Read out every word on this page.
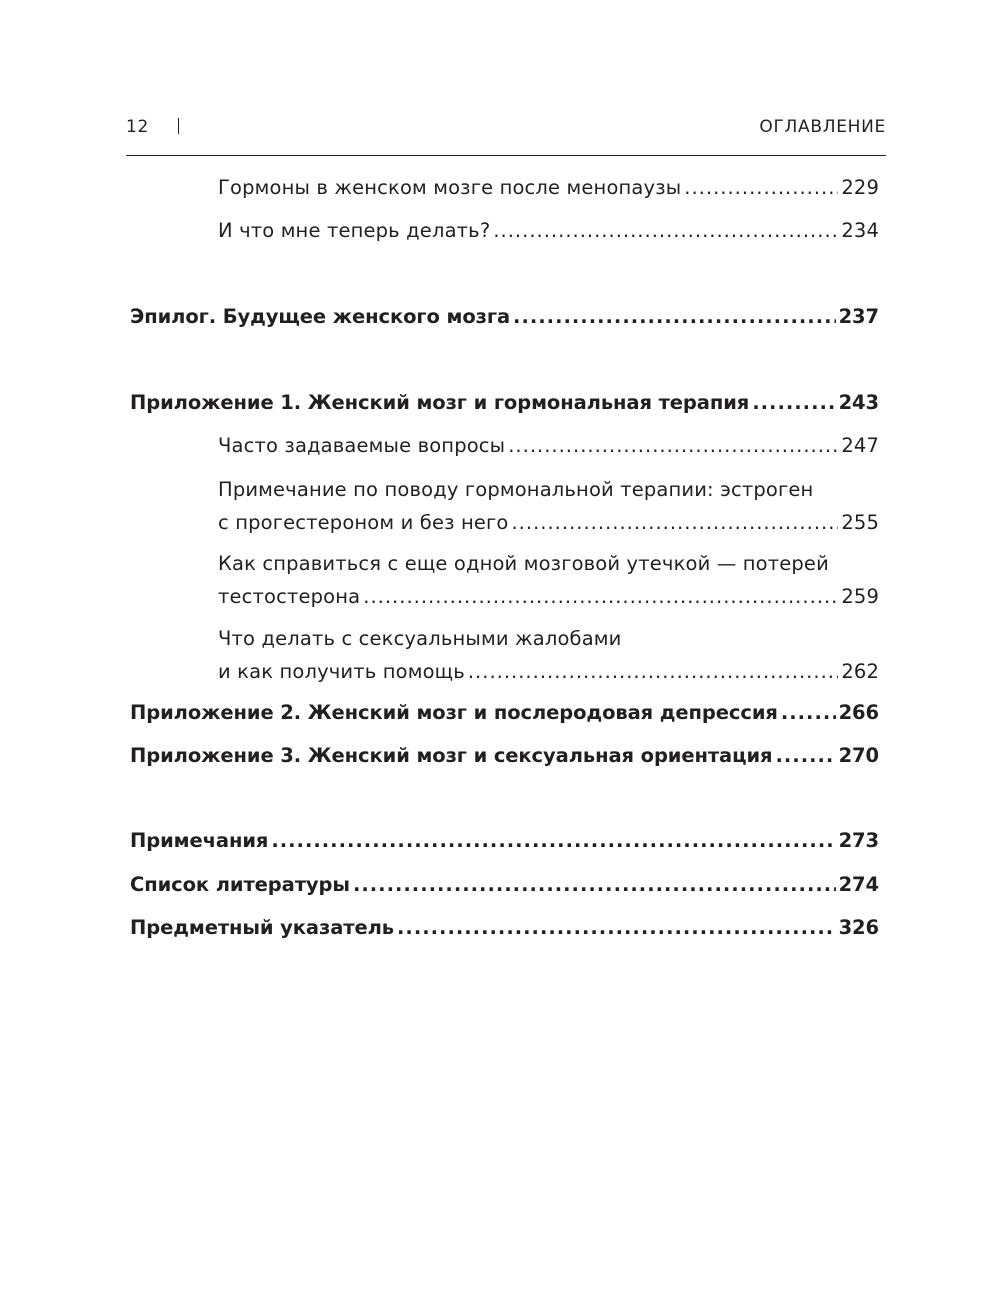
12	ОГЛАВЛЕНИЕ
Гормоны в женском мозге после менопаузы .....	229
И что мне теперь делать? .....	234
Эпилог. Будущее женского мозга .....	237
Приложение 1. Женский мозг и гормональная терапия .....	243
Часто задаваемые вопросы .....	247
Примечание по поводу гормональной терапии: эстроген
с прогестероном и без него .....	255
Как справиться с еще одной мозговой утечкой — потерей
тестостерона .....	259
Что делать с сексуальными жалобами
и как получить помощь .....	262
Приложение 2. Женский мозг и послеродовая депрессия .....	266
Приложение 3. Женский мозг и сексуальная ориентация .....	270
Примечания .....	273
Список литературы .....	274
Предметный указатель .....	326
